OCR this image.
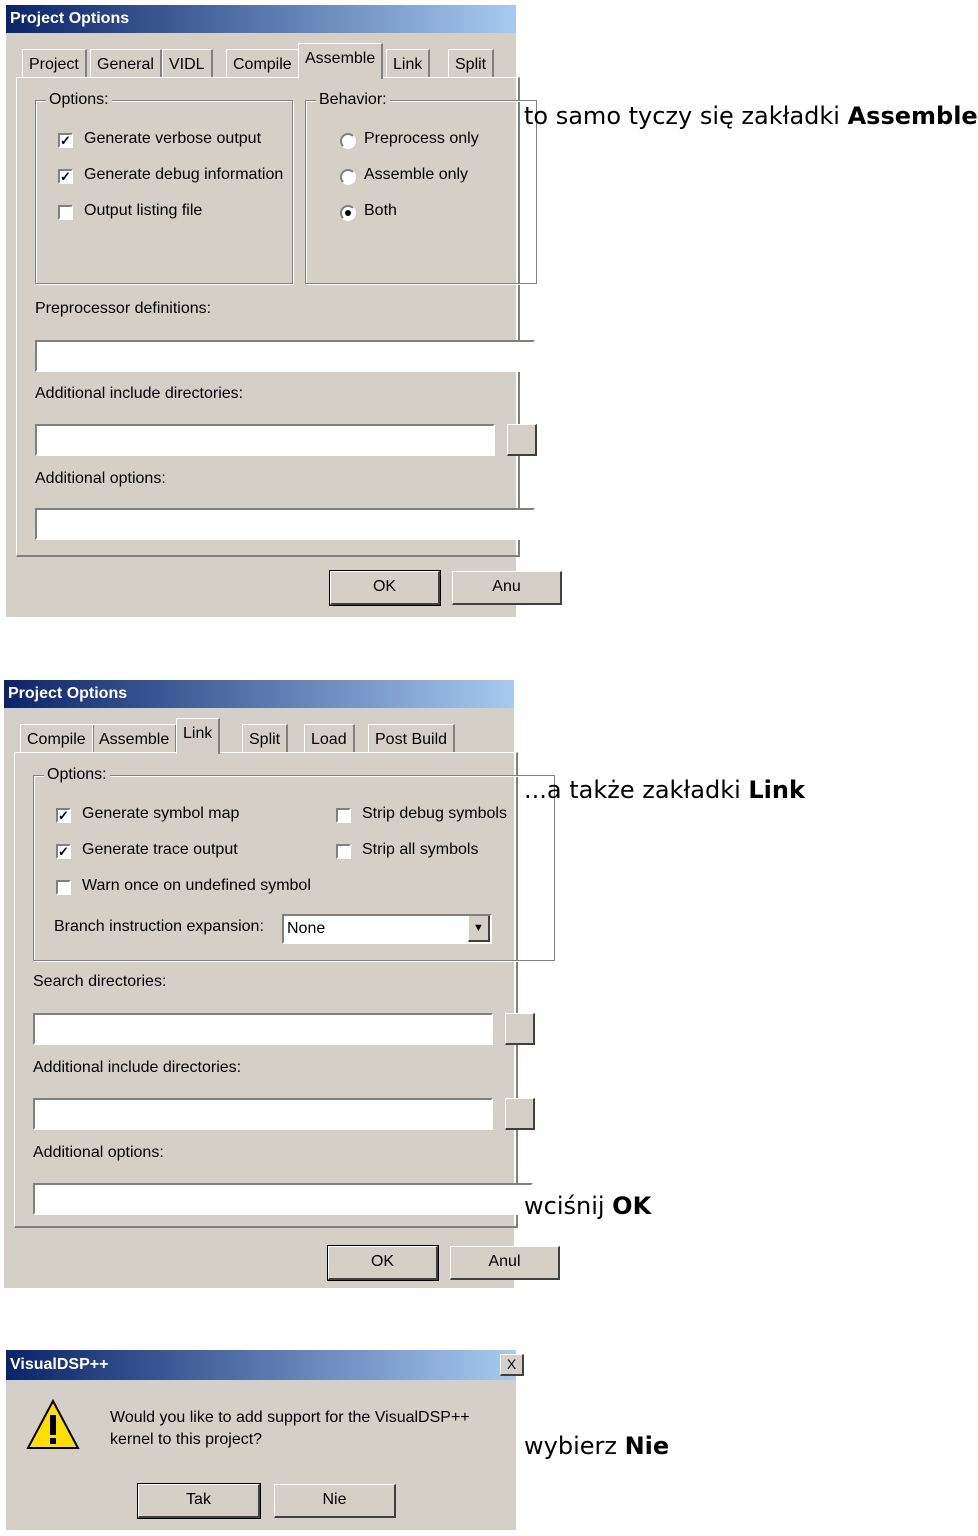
Project Options
Project	General VIDL	Compile Assemble	Link	Split
Options:
✓ Generate verbose output
✓ Generate debug information
Output listing file
Behavior:
Preprocess only
Assemble only
Both
Preprocessor definitions:
Additional include directories:
Additional options:
OK	Anu
to samo tyczy się zakładki Assemble
Project Options
Compile Assemble Link	Split	Load	Post Build
Options:
✓ Generate symbol map
✓ Generate trace output
Warn once on undefined symbol
Strip debug symbols
Strip all symbols
Branch instruction expansion:	None	▼
Search directories:
Additional include directories:
Additional options:
OK	Anul
...a także zakładki Link
wciśnij OK
VisualDSP++	X
Would you like to add support for the VisualDSP++
kernel to this project?
Tak	Nie
wybierz Nie
